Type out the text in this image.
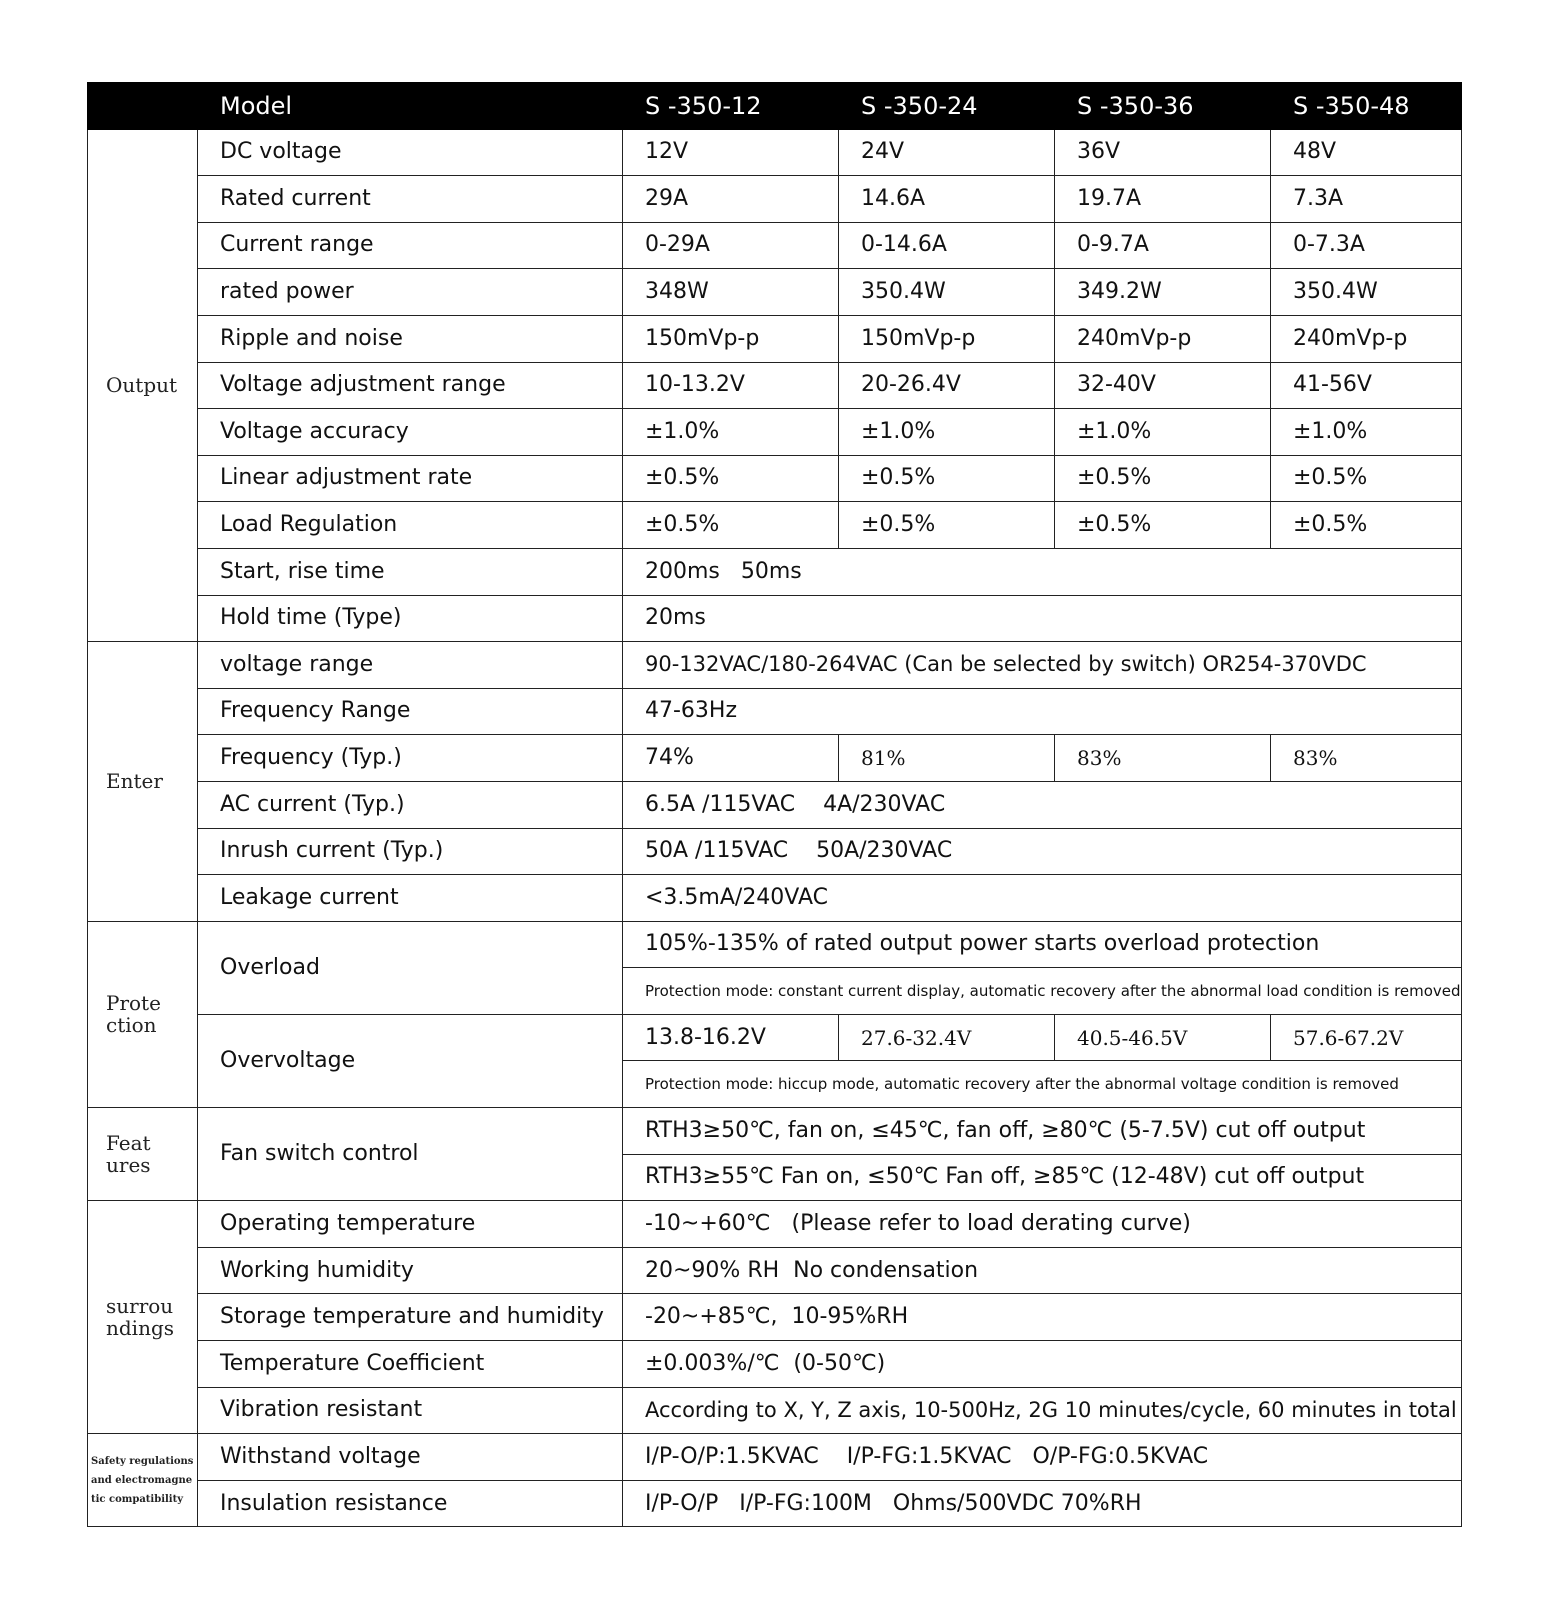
	Model	S -350-12	S -350-24	S -350-36	S -350-48
Output	DC voltage	12V	24V	36V	48V
	Rated current	29A	14.6A	19.7A	7.3A
	Current range	0-29A	0-14.6A	0-9.7A	0-7.3A
	rated power	348W	350.4W	349.2W	350.4W
	Ripple and noise	150mVp-p	150mVp-p	240mVp-p	240mVp-p
	Voltage adjustment range	10-13.2V	20-26.4V	32-40V	41-56V
	Voltage accuracy	±1.0%	±1.0%	±1.0%	±1.0%
	Linear adjustment rate	±0.5%	±0.5%	±0.5%	±0.5%
	Load Regulation	±0.5%	±0.5%	±0.5%	±0.5%
	Start, rise time	200ms   50ms			
	Hold time (Type)	20ms			
Enter	voltage range	90-132VAC/180-264VAC (Can be selected by switch) OR254-370VDC			
	Frequency Range	47-63Hz			
	Frequency (Typ.)	74%	81%	83%	83%
	AC current (Typ.)	6.5A /115VAC    4A/230VAC			
	Inrush current (Typ.)	50A /115VAC    50A/230VAC			
	Leakage current	<3.5mA/240VAC			
Prote ction	Overload	105%-135% of rated output power starts overload protection			
		Protection mode: constant current display, automatic recovery after the abnormal load condition is removed			
	Overvoltage	13.8-16.2V	27.6-32.4V	40.5-46.5V	57.6-67.2V
		Protection mode: hiccup mode, automatic recovery after the abnormal voltage condition is removed			
Feat ures	Fan switch control	RTH3≥50℃, fan on, ≤45℃, fan off, ≥80℃ (5-7.5V) cut off output			
		RTH3≥55℃ Fan on, ≤50℃ Fan off, ≥85℃ (12-48V) cut off output			
surrou ndings	Operating temperature	-10~+60℃   (Please refer to load derating curve)			
	Working humidity	20~90% RH  No condensation			
	Storage temperature and humidity	-20~+85℃,  10-95%RH			
	Temperature Coefficient	±0.003%/℃  (0-50℃)			
	Vibration resistant	According to X, Y, Z axis, 10-500Hz, 2G 10 minutes/cycle, 60 minutes in total			
Safety regulations and electromagne tic compatibility	Withstand voltage	I/P-O/P:1.5KVAC    I/P-FG:1.5KVAC   O/P-FG:0.5KVAC			
	Insulation resistance	I/P-O/P   I/P-FG:100M   Ohms/500VDC 70%RH			
